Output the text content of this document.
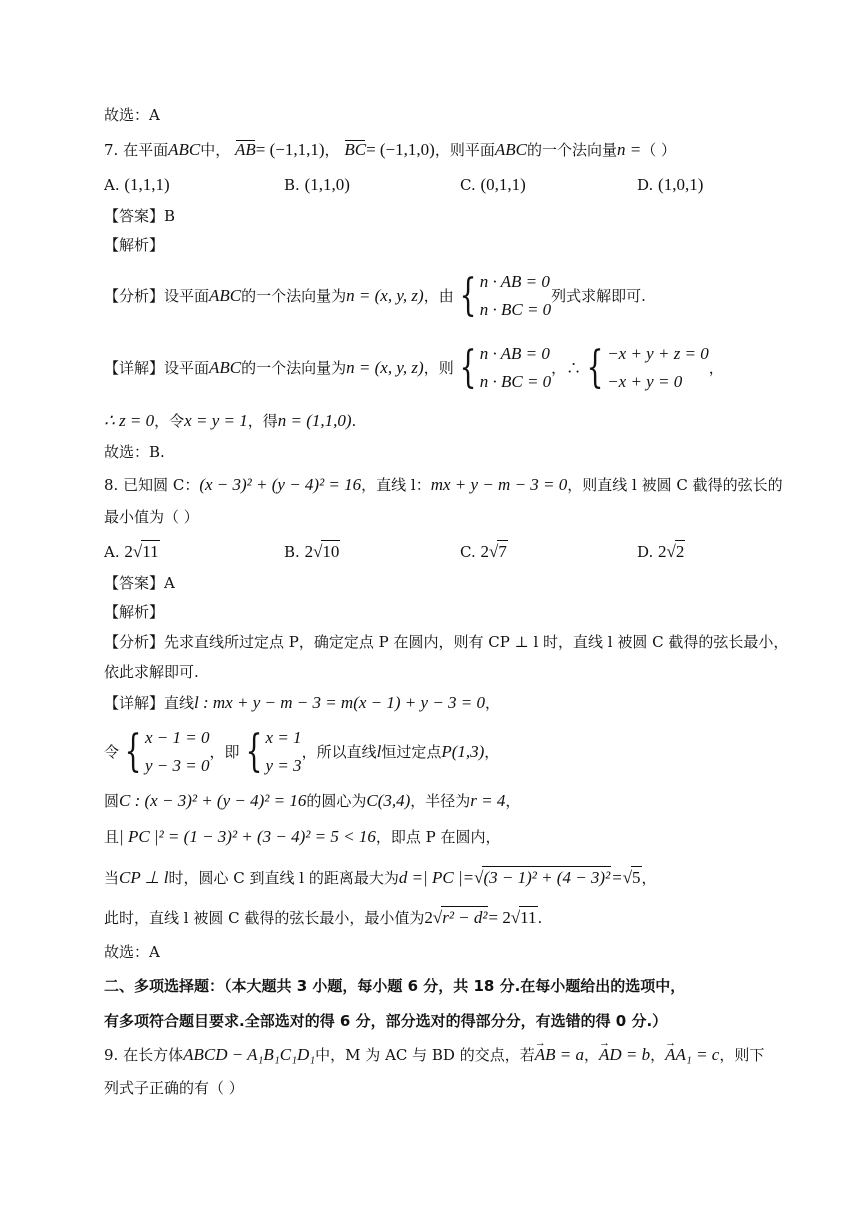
故选：A
7. 在平面ABC中， AB= (−1,1,1)， BC= (−1,1,0)，则平面ABC的一个法向量n =（ ）
A. (1,1,1)	B. (1,1,0)	C. (0,1,1)	D. (1,0,1)
【答案】B
【解析】
【分析】设平面 ABC 的一个法向量为 n = (x, y, z) ，由 { n · AB = 0
n · BC = 0
列式求解即可.
【详解】设平面 ABC 的一个法向量为 n = (x, y, z) ，则 { n · AB = 0
n · BC = 0
，∴ { −x + y + z = 0
−x + y = 0
，
∴ z = 0，令x = y = 1，得n = (1,1,0).
故选：B.
8. 已知圆 C：(x − 3)² + (y − 4)² = 16，直线 l：mx + y − m − 3 = 0，则直线 l 被圆 C 截得的弦长的
最小值为（ ）
A. 2√11	B. 2√10	C. 2√7	D. 2√2
【答案】A
【解析】
【分析】先求直线所过定点 P，确定定点 P 在圆内，则有 CP ⊥ l 时，直线 l 被圆 C 截得的弦长最小，
依此求解即可.
【详解】直线l : mx + y − m − 3 = m(x − 1) + y − 3 = 0，
令 { x − 1 = 0
y − 3 = 0
，即 { x = 1
y = 3
，所以直线 l 恒过定点 P(1,3) ，
圆C : (x − 3)² + (y − 4)² = 16的圆心为C(3,4)，半径为r = 4，
且| PC |² = (1 − 3)² + (3 − 4)² = 5 < 16，即点 P 在圆内，
当CP ⊥ l时，圆心 C 到直线 l 的距离最大为d =| PC |=√(3 − 1)² + (4 − 3)²=√5，
此时，直线 l 被圆 C 截得的弦长最小，最小值为2√r² − d²= 2√11.
故选：A
二、多项选择题：（本大题共 3 小题，每小题 6 分，共 18 分.在每小题给出的选项中，
有多项符合题目要求.全部选对的得 6 分，部分选对的得部分分，有选错的得 0 分.）
9. 在长方体ABCD − A₁B₁C₁D₁中，M 为 AC 与 BD 的交点，若→ AB = a，→ AD = b，→ AA₁ = c，则下
列式子正确的有（ ）
